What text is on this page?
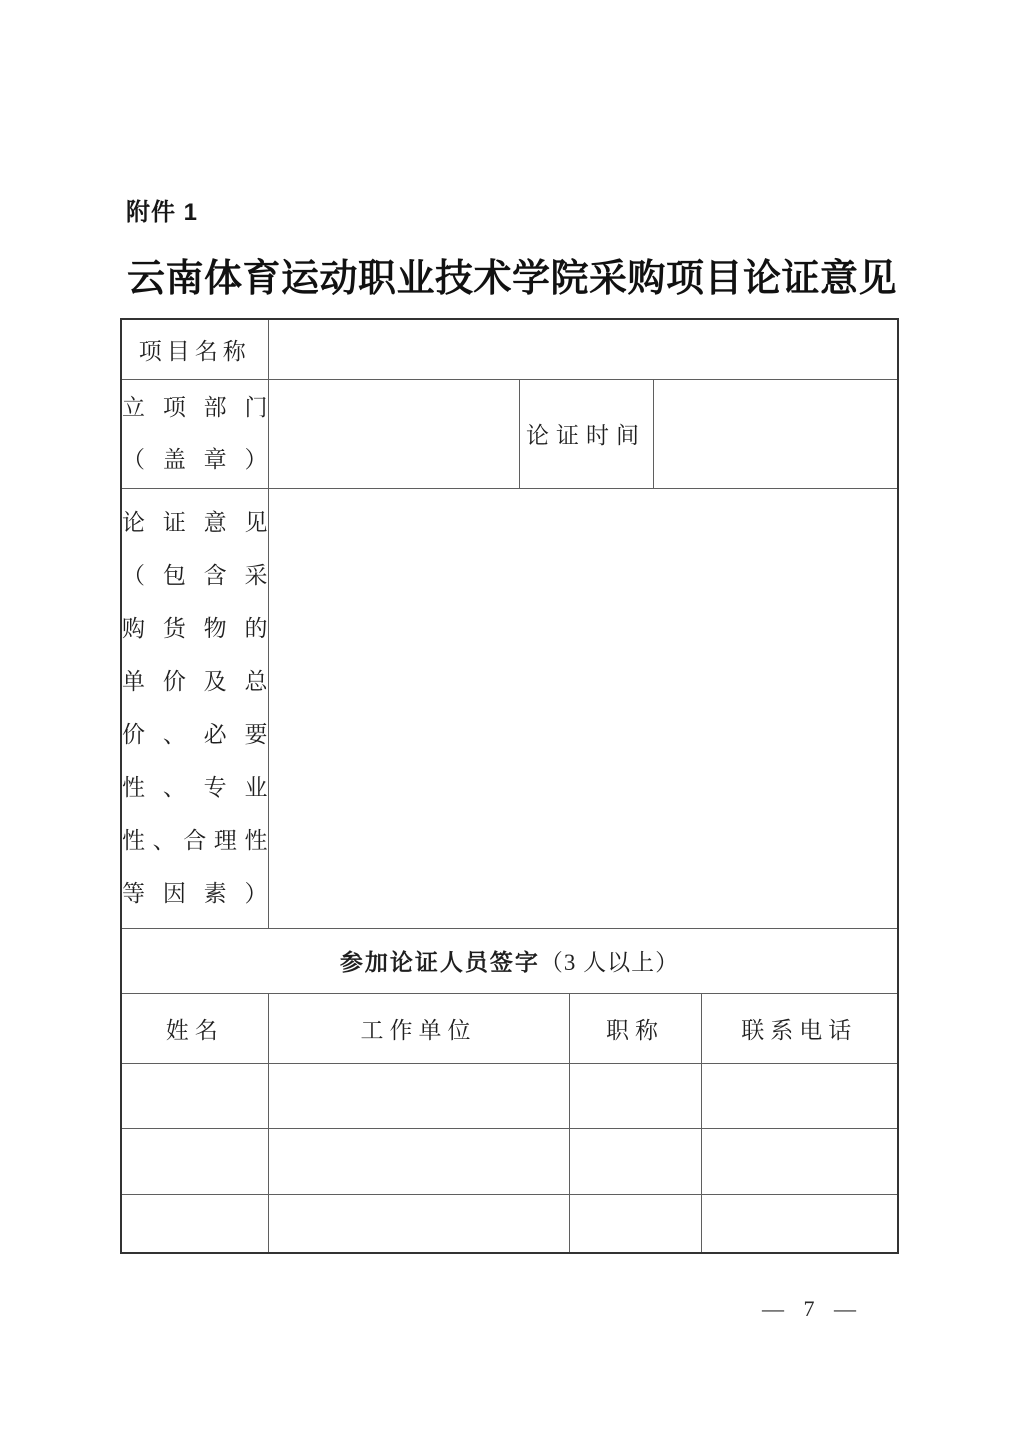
附件 1
云南体育运动职业技术学院采购项目论证意见
项目名称					

立项部门
（盖章）		论证时间			

论证意见
（包含采
购货物的
单价及总
价、必要
性、专业
性、合理性
等因素）

参加论证人员签字（3 人以上）					
姓名	工作单位		职称		联系电话

— 7 —
